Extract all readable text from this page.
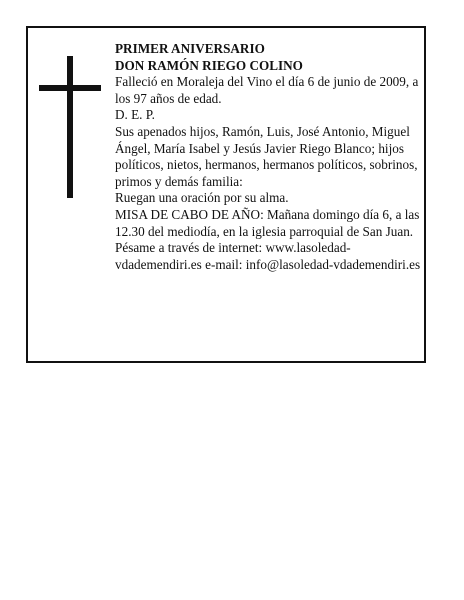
PRIMER ANIVERSARIO

DON RAMÓN RIEGO COLINO

Falleció en Moraleja del Vino el día 6 de junio de 2009, a los 97 años de edad.

D. E. P.

Sus apenados hijos, Ramón, Luis, José Antonio, Miguel Ángel, María Isabel y Jesús Javier Riego Blanco; hijos políticos, nietos, hermanos, hermanos políticos, sobrinos, primos y demás familia:

Ruegan una oración por su alma.

MISA DE CABO DE AÑO: Mañana domingo día 6, a las 12.30 del mediodía, en la iglesia parroquial de San Juan.

Pésame a través de internet: www.lasoledad-vdademendiri.es e-mail: info@lasoledad-vdademendiri.es
